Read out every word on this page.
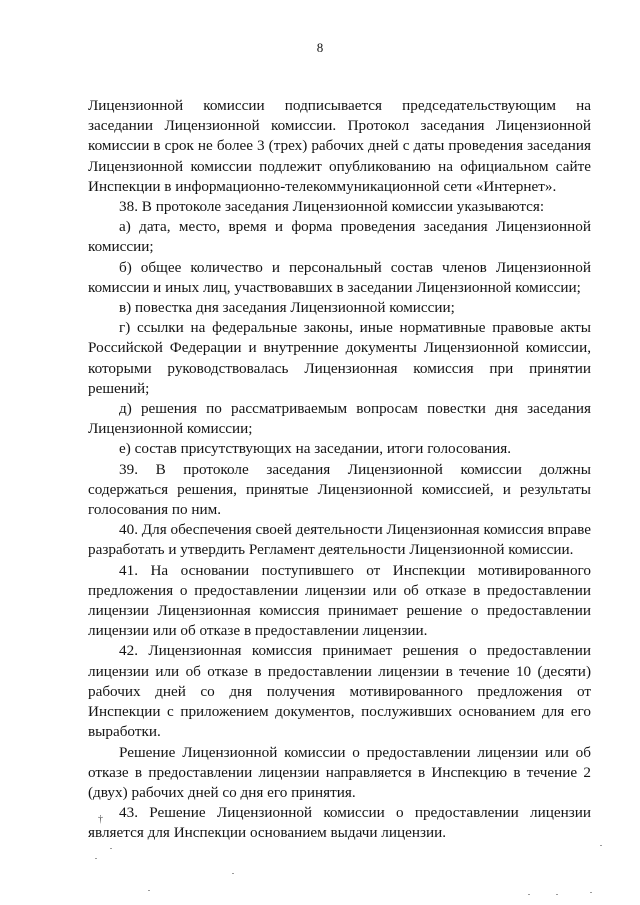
8

Лицензионной комиссии подписывается председательствующим на заседании Лицензионной комиссии. Протокол заседания Лицензионной комиссии в срок не более 3 (трех) рабочих дней с даты проведения заседания Лицензионной комиссии подлежит опубликованию на официальном сайте Инспекции в информационно-телекоммуникационной сети «Интернет».

38. В протоколе заседания Лицензионной комиссии указываются:

а) дата, место, время и форма проведения заседания Лицензионной комиссии;

б) общее количество и персональный состав членов Лицензионной комиссии и иных лиц, участвовавших в заседании Лицензионной комиссии;

в) повестка дня заседания Лицензионной комиссии;

г) ссылки на федеральные законы, иные нормативные правовые акты Российской Федерации и внутренние документы Лицензионной комиссии, которыми руководствовалась Лицензионная комиссия при принятии решений;

д) решения по рассматриваемым вопросам повестки дня заседания Лицензионной комиссии;

е) состав присутствующих на заседании, итоги голосования.

39. В протоколе заседания Лицензионной комиссии должны содержаться решения, принятые Лицензионной комиссией, и результаты голосования по ним.

40. Для обеспечения своей деятельности Лицензионная комиссия вправе разработать и утвердить Регламент деятельности Лицензионной комиссии.

41. На основании поступившего от Инспекции мотивированного предложения о предоставлении лицензии или об отказе в предоставлении лицензии Лицензионная комиссия принимает решение о предоставлении лицензии или об отказе в предоставлении лицензии.

42. Лицензионная комиссия принимает решения о предоставлении лицензии или об отказе в предоставлении лицензии в течение 10 (десяти) рабочих дней со дня получения мотивированного предложения от Инспекции с приложением документов, послуживших основанием для его выработки.

Решение Лицензионной комиссии о предоставлении лицензии или об отказе в предоставлении лицензии направляется в Инспекцию в течение 2 (двух) рабочих дней со дня его принятия.

43. Решение Лицензионной комиссии о предоставлении лицензии является для Инспекции основанием выдачи лицензии.

†
